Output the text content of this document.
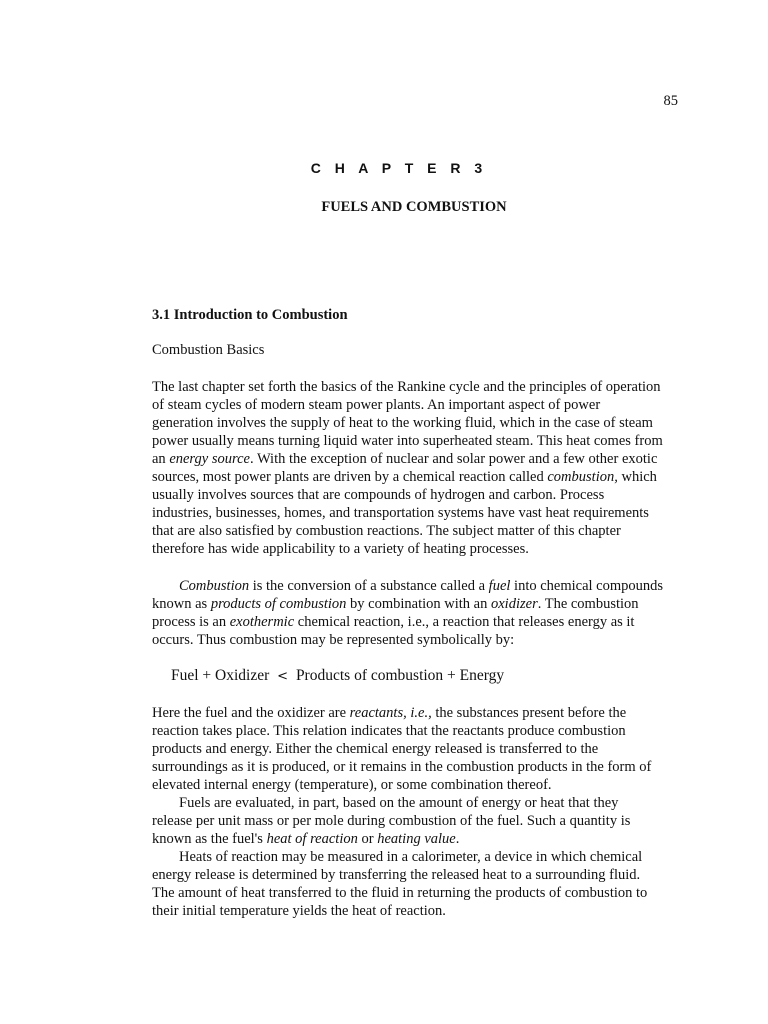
85
C H A P T E R 3
FUELS AND COMBUSTION
3.1 Introduction to Combustion
Combustion Basics
The last chapter set forth the basics of the Rankine cycle and the principles of operation
of steam cycles of modern steam power plants. An important aspect of power
generation involves the supply of heat to the working fluid, which in the case of steam
power usually means turning liquid water into superheated steam. This heat comes from
an energy source. With the exception of nuclear and solar power and a few other exotic
sources, most power plants are driven by a chemical reaction called combustion, which
usually involves sources that are compounds of hydrogen and carbon. Process
industries, businesses, homes, and transportation systems have vast heat requirements
that are also satisfied by combustion reactions. The subject matter of this chapter
therefore has wide applicability to a variety of heating processes.
Combustion is the conversion of a substance called a fuel into chemical compounds
known as products of combustion by combination with an oxidizer. The combustion
process is an exothermic chemical reaction, i.e., a reaction that releases energy as it
occurs. Thus combustion may be represented symbolically by:
Fuel + Oxidizer < Products of combustion + Energy
Here the fuel and the oxidizer are reactants, i.e., the substances present before the
reaction takes place. This relation indicates that the reactants produce combustion
products and energy. Either the chemical energy released is transferred to the
surroundings as it is produced, or it remains in the combustion products in the form of
elevated internal energy (temperature), or some combination thereof.
Fuels are evaluated, in part, based on the amount of energy or heat that they
release per unit mass or per mole during combustion of the fuel. Such a quantity is
known as the fuel's heat of reaction or heating value.
Heats of reaction may be measured in a calorimeter, a device in which chemical
energy release is determined by transferring the released heat to a surrounding fluid.
The amount of heat transferred to the fluid in returning the products of combustion to
their initial temperature yields the heat of reaction.
